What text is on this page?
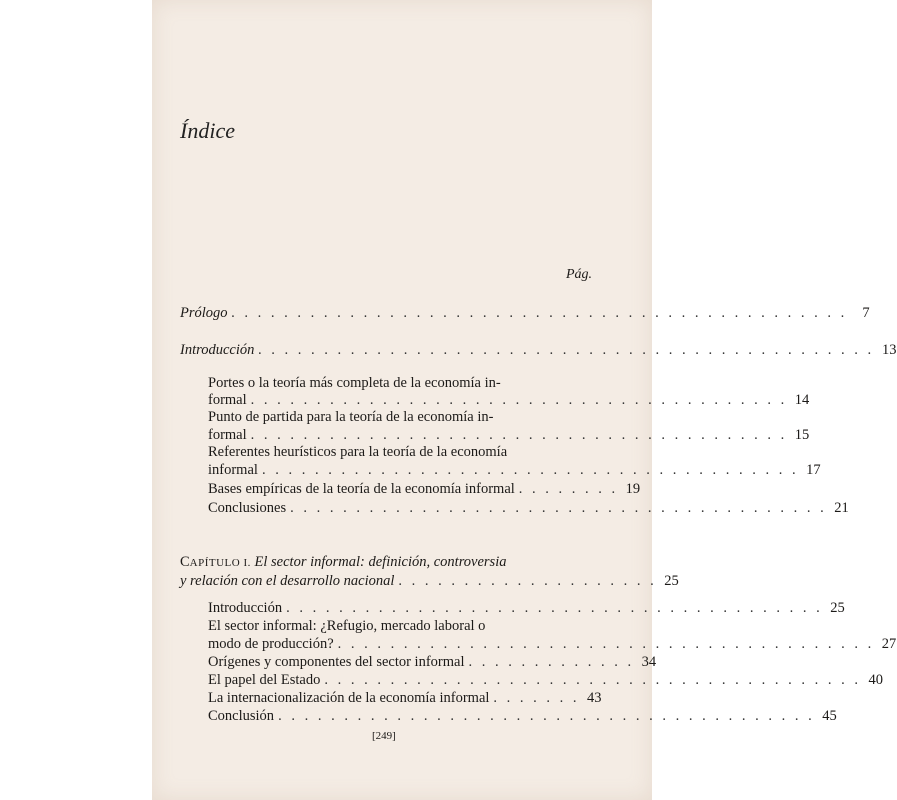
Índice
Pág.
Prólogo . . . . . . . . . . . . . . . . . . . . . . . . . . . . . . . . . . . . . . . . . . . . . . .	7
Introducción . . . . . . . . . . . . . . . . . . . . . . . . . . . . . . . . . . . . . . . . . . . . . . . 13
Portes o la teoría más completa de la economía in-
formal . . . . . . . . . . . . . . . . . . . . . . . . . . . . . . . . . . . . . . . . . 14
Punto de partida para la teoría de la economía in-
formal . . . . . . . . . . . . . . . . . . . . . . . . . . . . . . . . . . . . . . . . . 15
Referentes heurísticos para la teoría de la economía
informal . . . . . . . . . . . . . . . . . . . . . . . . . . . . . . . . . . . . . . . . . 17
Bases empíricas de la teoría de la economía informal . . . . . . . . 19
Conclusiones . . . . . . . . . . . . . . . . . . . . . . . . . . . . . . . . . . . . . . . . . 21
CAPÍTULO I. El sector informal: definición, controversia
y relación con el desarrollo nacional . . . . . . . . . . . . . . . . . . . . 25
Introducción . . . . . . . . . . . . . . . . . . . . . . . . . . . . . . . . . . . . . . . . . 25
El sector informal: ¿Refugio, mercado laboral o
modo de producción? . . . . . . . . . . . . . . . . . . . . . . . . . . . . . . . . . . . . . . . . . 27
Orígenes y componentes del sector informal . . . . . . . . . . . . . 34
El papel del Estado . . . . . . . . . . . . . . . . . . . . . . . . . . . . . . . . . . . . . . . . . 40
La internacionalización de la economía informal . . . . . . . 43
Conclusión . . . . . . . . . . . . . . . . . . . . . . . . . . . . . . . . . . . . . . . . . 45
[249]
